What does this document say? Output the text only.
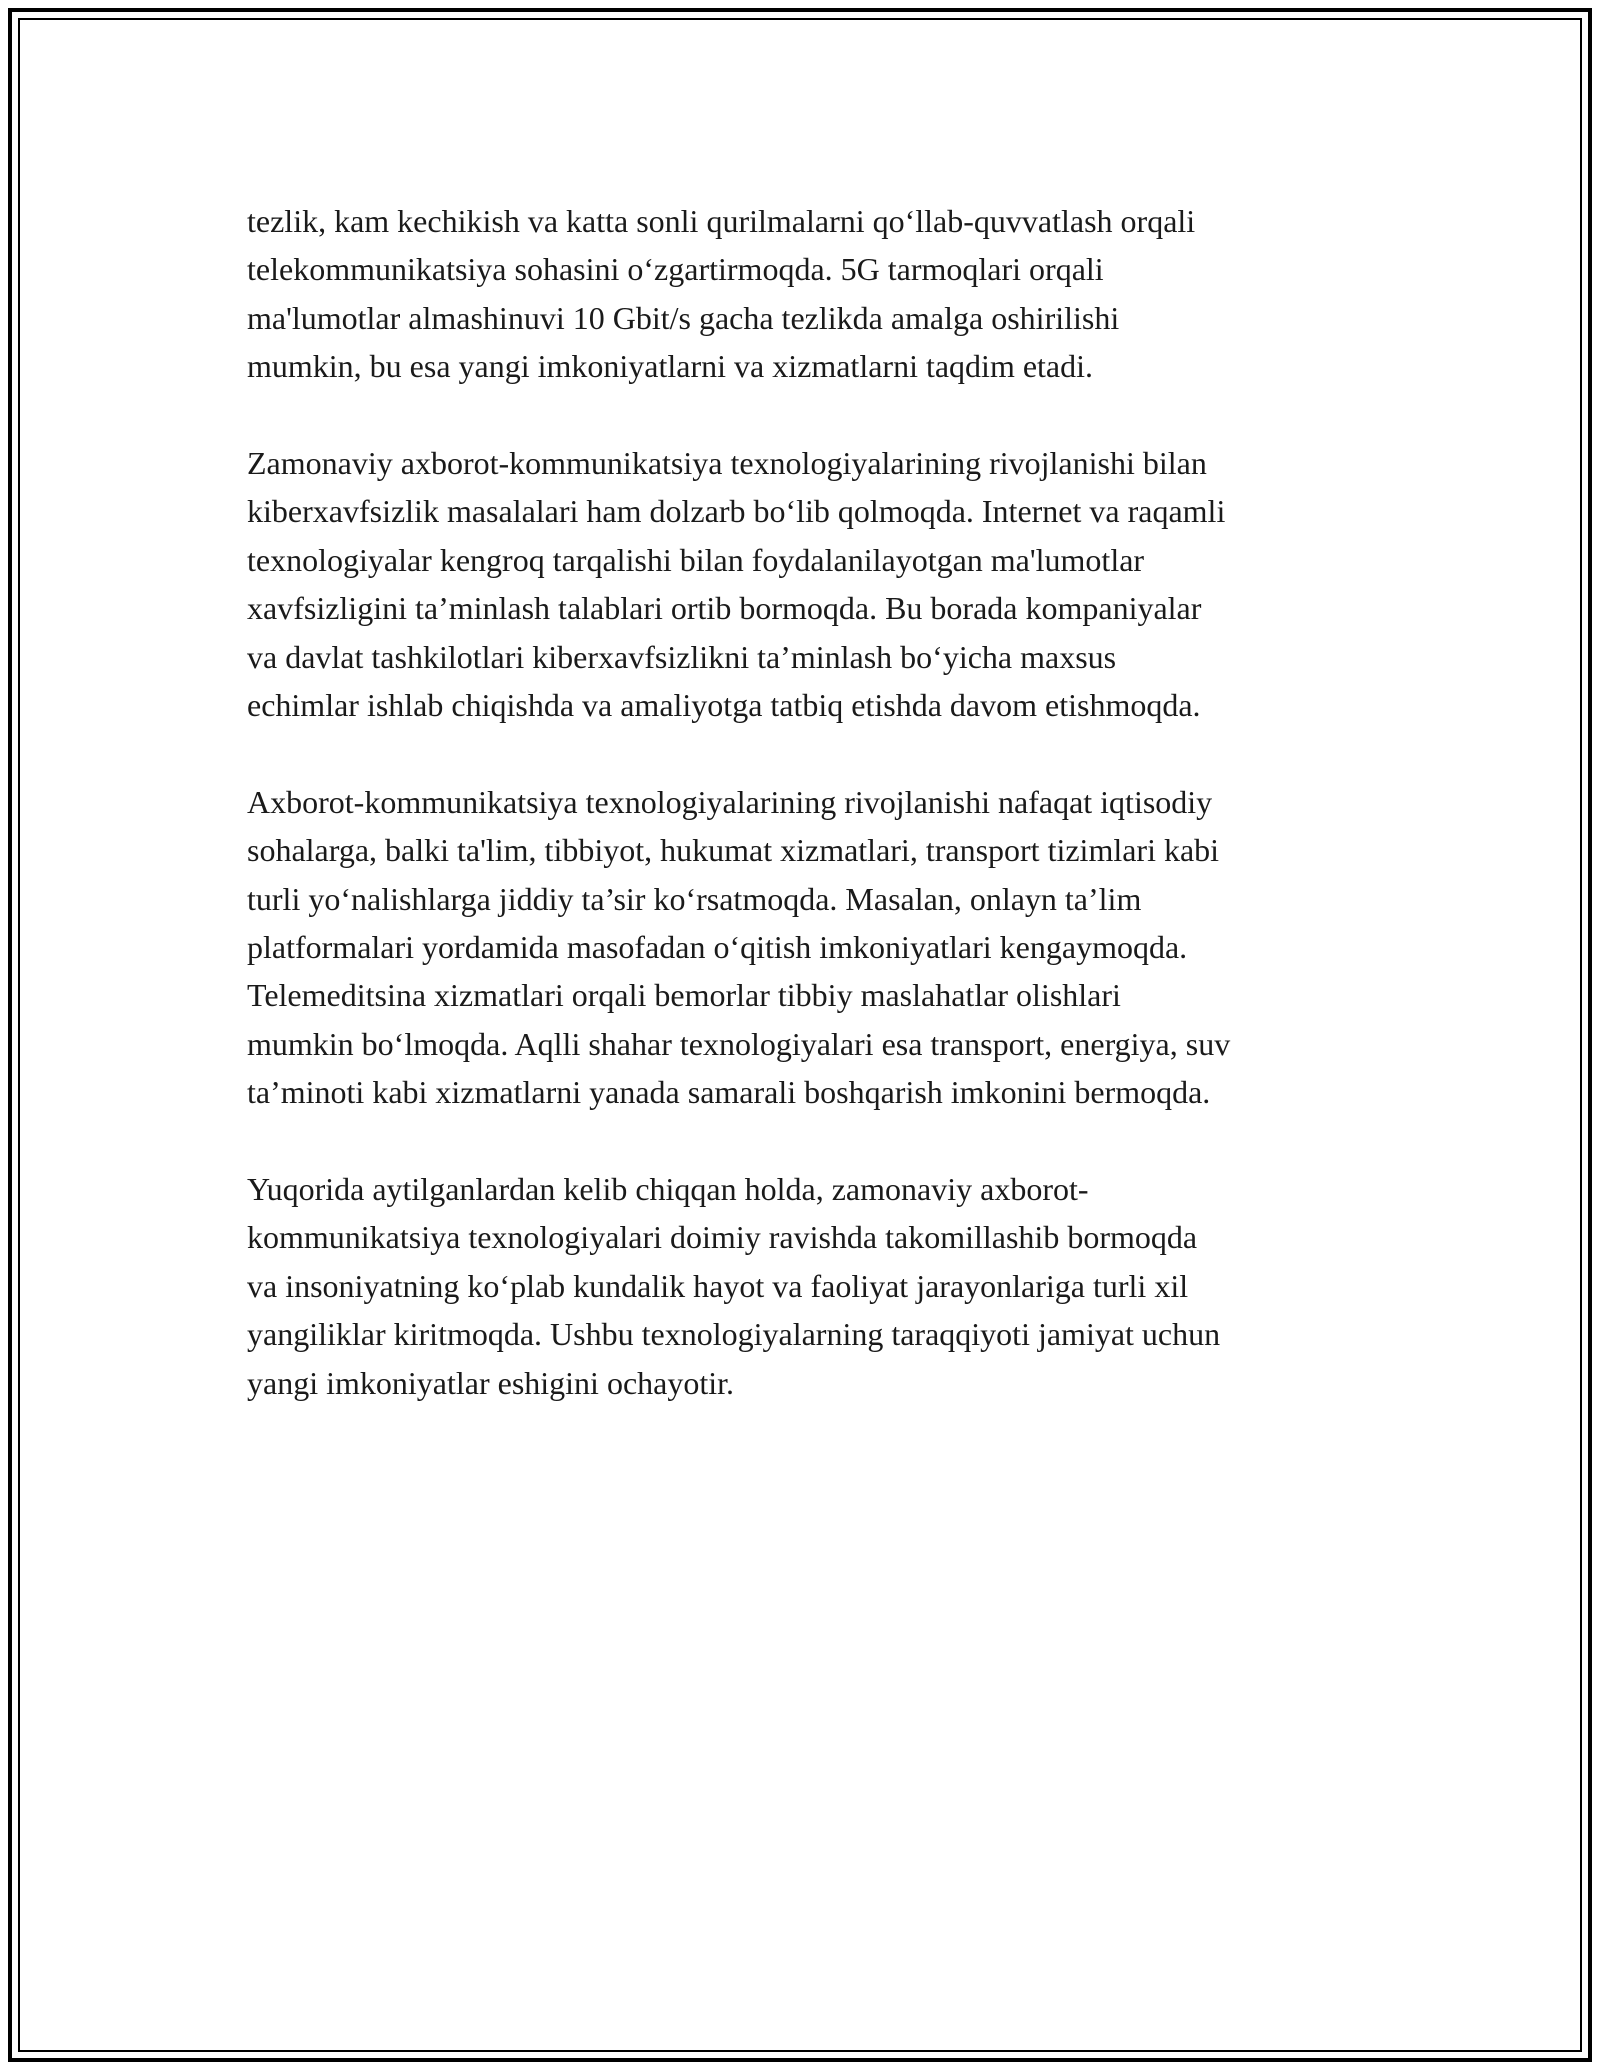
tezlik, kam kechikish va katta sonli qurilmalarni qo‘llab-quvvatlash orqali
telekommunikatsiya sohasini o‘zgartirmoqda. 5G tarmoqlari orqali
ma'lumotlar almashinuvi 10 Gbit/s gacha tezlikda amalga oshirilishi
mumkin, bu esa yangi imkoniyatlarni va xizmatlarni taqdim etadi.

Zamonaviy axborot-kommunikatsiya texnologiyalarining rivojlanishi bilan
kiberxavfsizlik masalalari ham dolzarb bo‘lib qolmoqda. Internet va raqamli
texnologiyalar kengroq tarqalishi bilan foydalanilayotgan ma'lumotlar
xavfsizligini ta’minlash talablari ortib bormoqda. Bu borada kompaniyalar
va davlat tashkilotlari kiberxavfsizlikni ta’minlash bo‘yicha maxsus
echimlar ishlab chiqishda va amaliyotga tatbiq etishda davom etishmoqda.

Axborot-kommunikatsiya texnologiyalarining rivojlanishi nafaqat iqtisodiy
sohalarga, balki ta'lim, tibbiyot, hukumat xizmatlari, transport tizimlari kabi
turli yo‘nalishlarga jiddiy ta’sir ko‘rsatmoqda. Masalan, onlayn ta’lim
platformalari yordamida masofadan o‘qitish imkoniyatlari kengaymoqda.
Telemeditsina xizmatlari orqali bemorlar tibbiy maslahatlar olishlari
mumkin bo‘lmoqda. Aqlli shahar texnologiyalari esa transport, energiya, suv
ta’minoti kabi xizmatlarni yanada samarali boshqarish imkonini bermoqda.

Yuqorida aytilganlardan kelib chiqqan holda, zamonaviy axborot-
kommunikatsiya texnologiyalari doimiy ravishda takomillashib bormoqda
va insoniyatning ko‘plab kundalik hayot va faoliyat jarayonlariga turli xil
yangiliklar kiritmoqda. Ushbu texnologiyalarning taraqqiyoti jamiyat uchun
yangi imkoniyatlar eshigini ochayotir.
